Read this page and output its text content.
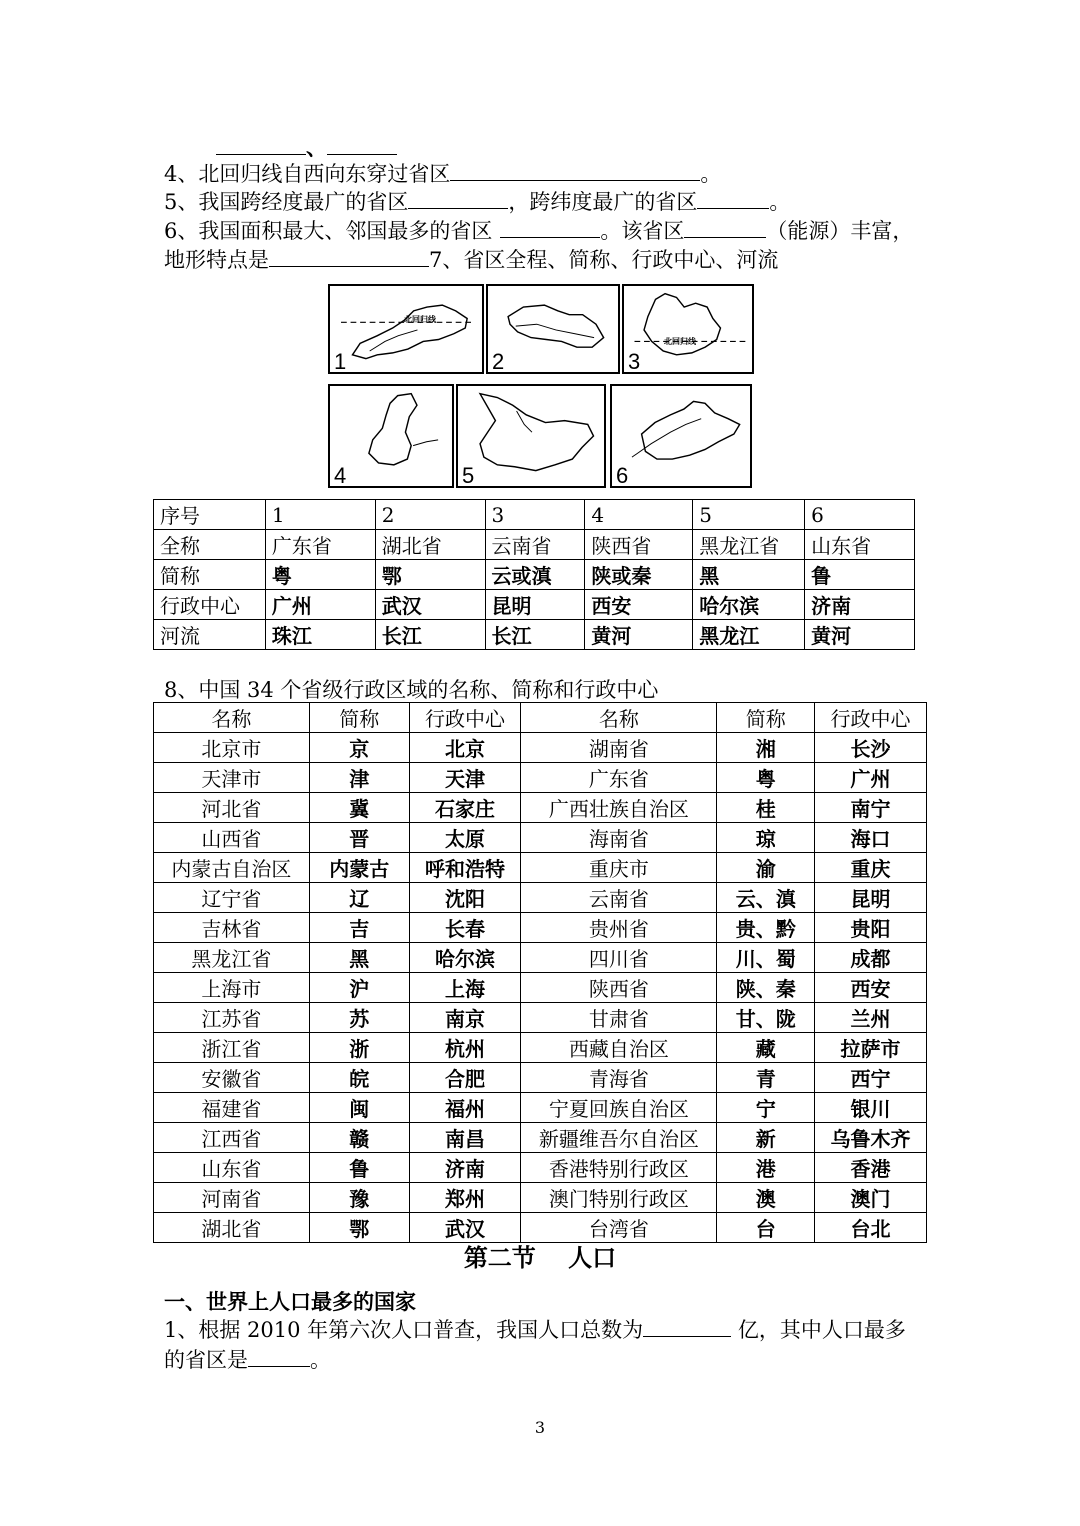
、
4、北回归线自西向东穿过省区	。
5、我国跨经度最广的省区	，跨纬度最广的省区	。
6、我国面积最大、邻国最多的省区	。该省区	（能源）丰富，
地形特点是	7、省区全程、简称、行政中心、河流
北回归线
1	2
北回归线
3
4	5	6
序号	1	2	3	4	5	6
全称	广东省	湖北省	云南省	陕西省	黑龙江省	山东省
简称	粤	鄂	云或滇	陕或秦	黑	鲁
行政中心	广州	武汉	昆明	西安	哈尔滨	济南
河流	珠江	长江	长江	黄河	黑龙江	黄河
8、中国 34 个省级行政区域的名称、简称和行政中心
名称	简称	行政中心	名称	简称	行政中心
北京市	京	北京	湖南省	湘	长沙
天津市	津	天津	广东省	粤	广州
河北省	冀	石家庄	广西壮族自治区	桂	南宁
山西省	晋	太原	海南省	琼	海口
内蒙古自治区	内蒙古	呼和浩特	重庆市	渝	重庆
辽宁省	辽	沈阳	云南省	云、滇	昆明
吉林省	吉	长春	贵州省	贵、黔	贵阳
黑龙江省	黑	哈尔滨	四川省	川、蜀	成都
上海市	沪	上海	陕西省	陕、秦	西安
江苏省	苏	南京	甘肃省	甘、陇	兰州
浙江省	浙	杭州	西藏自治区	藏	拉萨市
安徽省	皖	合肥	青海省	青	西宁
福建省	闽	福州	宁夏回族自治区	宁	银川
江西省	赣	南昌	新疆维吾尔自治区	新	乌鲁木齐
山东省	鲁	济南	香港特别行政区	港	香港
河南省	豫	郑州	澳门特别行政区	澳	澳门
湖北省	鄂	武汉	台湾省	台	台北
第二节　 人口
一、世界上人口最多的国家
1、根据 2010 年第六次人口普查，我国人口总数为	亿，其中人口最多
的省区是	。
3
